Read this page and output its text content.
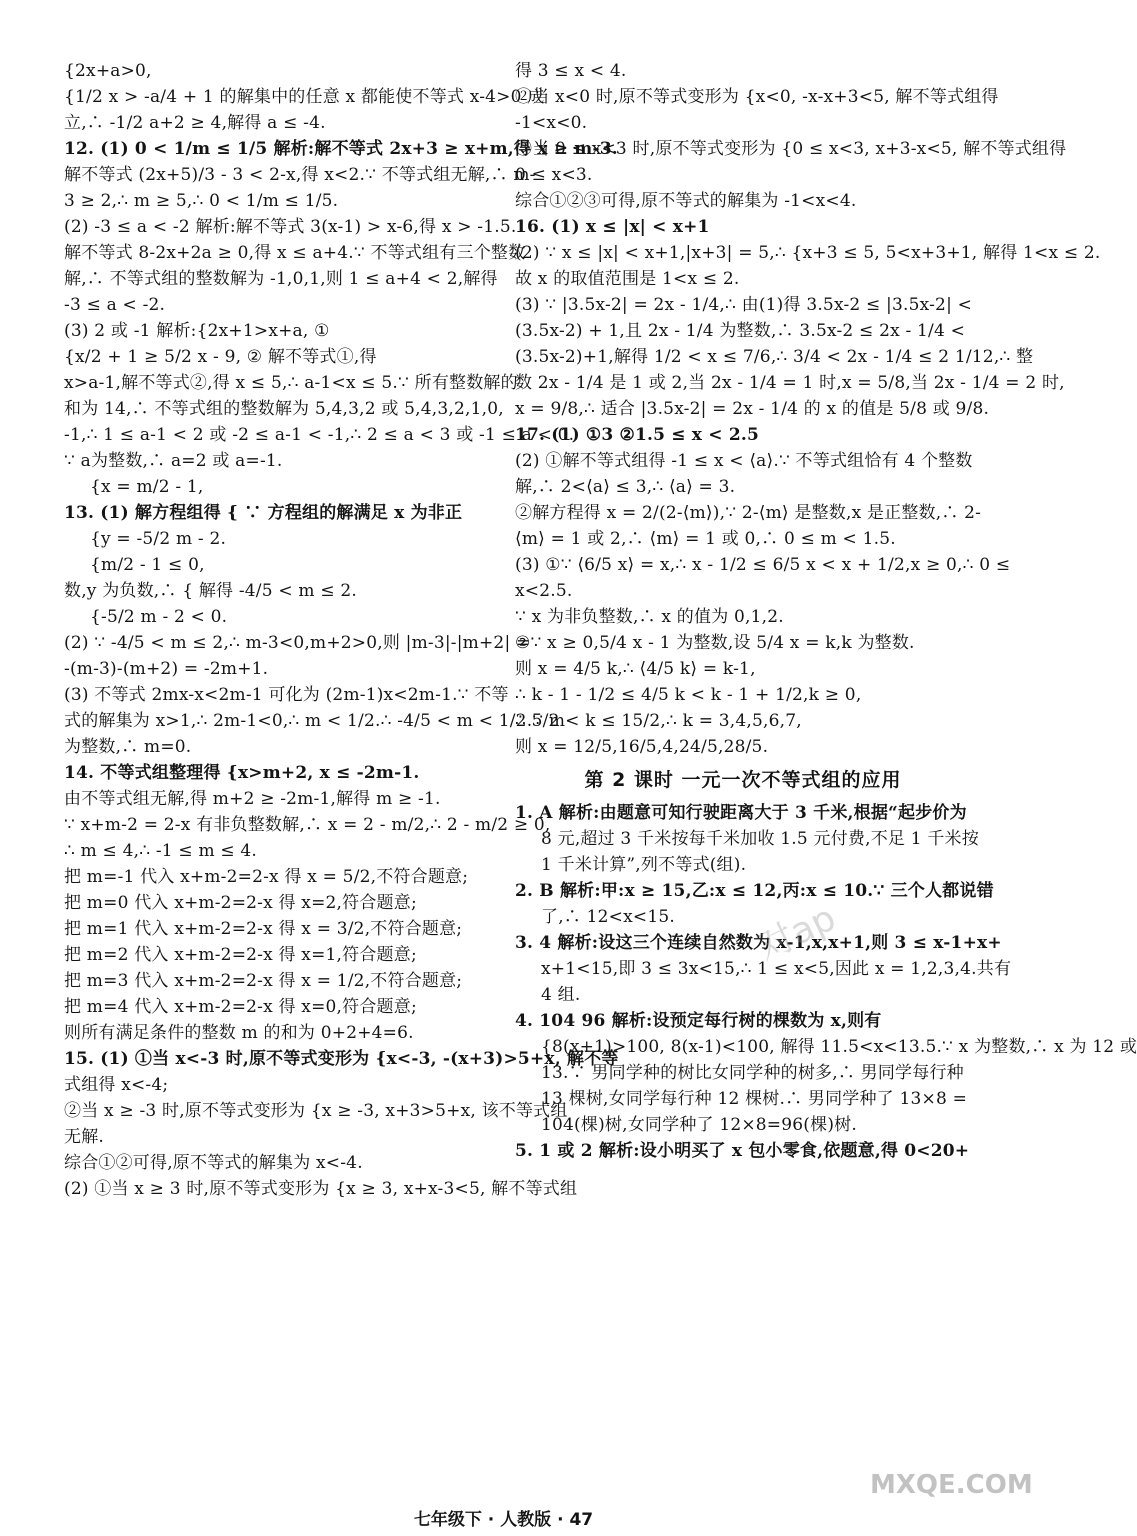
{2x+a>0,
{1/2 x > -a/4 + 1 的解集中的任意 x 都能使不等式 x-4>0 成
立,∴ -1/2 a+2 ≥ 4,解得 a ≤ -4.
12. (1) 0 < 1/m ≤ 1/5 解析:解不等式 2x+3 ≥ x+m,得 x ≥ m-3.
解不等式 (2x+5)/3 - 3 < 2-x,得 x<2.∵ 不等式组无解,∴ m-
3 ≥ 2,∴ m ≥ 5,∴ 0 < 1/m ≤ 1/5.
(2) -3 ≤ a < -2 解析:解不等式 3(x-1) > x-6,得 x > -1.5.
解不等式 8-2x+2a ≥ 0,得 x ≤ a+4.∵ 不等式组有三个整数
解,∴ 不等式组的整数解为 -1,0,1,则 1 ≤ a+4 < 2,解得
-3 ≤ a < -2.
(3) 2 或 -1 解析:{2x+1>x+a, ①
{x/2 + 1 ≥ 5/2 x - 9, ② 解不等式①,得
x>a-1,解不等式②,得 x ≤ 5,∴ a-1<x ≤ 5.∵ 所有整数解的
和为 14,∴ 不等式组的整数解为 5,4,3,2 或 5,4,3,2,1,0,
-1,∴ 1 ≤ a-1 < 2 或 -2 ≤ a-1 < -1,∴ 2 ≤ a < 3 或 -1 ≤ a < 0.
∵ a为整数,∴ a=2 或 a=-1.
{x = m/2 - 1,
13. (1) 解方程组得 { ∵ 方程组的解满足 x 为非正
{y = -5/2 m - 2.
{m/2 - 1 ≤ 0,
数,y 为负数,∴ { 解得 -4/5 < m ≤ 2.
{-5/2 m - 2 < 0.
(2) ∵ -4/5 < m ≤ 2,∴ m-3<0,m+2>0,则 |m-3|-|m+2| =
-(m-3)-(m+2) = -2m+1.
(3) 不等式 2mx-x<2m-1 可化为 (2m-1)x<2m-1.∵ 不等
式的解集为 x>1,∴ 2m-1<0,∴ m < 1/2.∴ -4/5 < m < 1/2.∵ m
为整数,∴ m=0.
14. 不等式组整理得 {x>m+2, x ≤ -2m-1.
由不等式组无解,得 m+2 ≥ -2m-1,解得 m ≥ -1.
∵ x+m-2 = 2-x 有非负整数解,∴ x = 2 - m/2,∴ 2 - m/2 ≥ 0,
∴ m ≤ 4,∴ -1 ≤ m ≤ 4.
把 m=-1 代入 x+m-2=2-x 得 x = 5/2,不符合题意;
把 m=0 代入 x+m-2=2-x 得 x=2,符合题意;
把 m=1 代入 x+m-2=2-x 得 x = 3/2,不符合题意;
把 m=2 代入 x+m-2=2-x 得 x=1,符合题意;
把 m=3 代入 x+m-2=2-x 得 x = 1/2,不符合题意;
把 m=4 代入 x+m-2=2-x 得 x=0,符合题意;
则所有满足条件的整数 m 的和为 0+2+4=6.
15. (1) ①当 x<-3 时,原不等式变形为 {x<-3, -(x+3)>5+x, 解不等
式组得 x<-4;
②当 x ≥ -3 时,原不等式变形为 {x ≥ -3, x+3>5+x, 该不等式组
无解.
综合①②可得,原不等式的解集为 x<-4.
(2) ①当 x ≥ 3 时,原不等式变形为 {x ≥ 3, x+x-3<5, 解不等式组
得 3 ≤ x < 4.
②当 x<0 时,原不等式变形为 {x<0, -x-x+3<5, 解不等式组得
-1<x<0.
③当 0 ≤ x<3 时,原不等式变形为 {0 ≤ x<3, x+3-x<5, 解不等式组得
0 ≤ x<3.
综合①②③可得,原不等式的解集为 -1<x<4.
16. (1) x ≤ |x| < x+1
(2) ∵ x ≤ |x| < x+1,|x+3| = 5,∴ {x+3 ≤ 5, 5<x+3+1, 解得 1<x ≤ 2.
故 x 的取值范围是 1<x ≤ 2.
(3) ∵ |3.5x-2| = 2x - 1/4,∴ 由(1)得 3.5x-2 ≤ |3.5x-2| <
(3.5x-2) + 1,且 2x - 1/4 为整数,∴ 3.5x-2 ≤ 2x - 1/4 <
(3.5x-2)+1,解得 1/2 < x ≤ 7/6,∴ 3/4 < 2x - 1/4 ≤ 2 1/12,∴ 整
数 2x - 1/4 是 1 或 2,当 2x - 1/4 = 1 时,x = 5/8,当 2x - 1/4 = 2 时,
x = 9/8,∴ 适合 |3.5x-2| = 2x - 1/4 的 x 的值是 5/8 或 9/8.
17. (1) ①3 ②1.5 ≤ x < 2.5
(2) ①解不等式组得 -1 ≤ x < ⟨a⟩.∵ 不等式组恰有 4 个整数
解,∴ 2<⟨a⟩ ≤ 3,∴ ⟨a⟩ = 3.
②解方程得 x = 2/(2-⟨m⟩),∵ 2-⟨m⟩ 是整数,x 是正整数,∴ 2-
⟨m⟩ = 1 或 2,∴ ⟨m⟩ = 1 或 0,∴ 0 ≤ m < 1.5.
(3) ①∵ ⟨6/5 x⟩ = x,∴ x - 1/2 ≤ 6/5 x < x + 1/2,x ≥ 0,∴ 0 ≤
x<2.5.
∵ x 为非负整数,∴ x 的值为 0,1,2.
②∵ x ≥ 0,5/4 x - 1 为整数,设 5/4 x = k,k 为整数.
则 x = 4/5 k,∴ ⟨4/5 k⟩ = k-1,
∴ k - 1 - 1/2 ≤ 4/5 k < k - 1 + 1/2,k ≥ 0,
∴ 5/2 < k ≤ 15/2,∴ k = 3,4,5,6,7,
则 x = 12/5,16/5,4,24/5,28/5.
第 2 课时 一元一次不等式组的应用
1. A 解析:由题意可知行驶距离大于 3 千米,根据“起步价为
8 元,超过 3 千米按每千米加收 1.5 元付费,不足 1 千米按
1 千米计算”,列不等式(组).
2. B 解析:甲:x ≥ 15,乙:x ≤ 12,丙:x ≤ 10.∵ 三个人都说错
了,∴ 12<x<15.
3. 4 解析:设这三个连续自然数为 x-1,x,x+1,则 3 ≤ x-1+x+
x+1<15,即 3 ≤ 3x<15,∴ 1 ≤ x<5,因此 x = 1,2,3,4.共有
4 组.
4. 104 96 解析:设预定每行树的棵数为 x,则有
{8(x+1)>100, 8(x-1)<100, 解得 11.5<x<13.5.∵ x 为整数,∴ x 为 12 或
13.∵ 男同学种的树比女同学种的树多,∴ 男同学每行种
13 棵树,女同学每行种 12 棵树.∴ 男同学种了 13×8 =
104(棵)树,女同学种了 12×8=96(棵)树.
5. 1 或 2 解析:设小明买了 x 包小零食,依题意,得 0<20+
对ap
MXQE.COM
七年级下 · 人教版 · 47
